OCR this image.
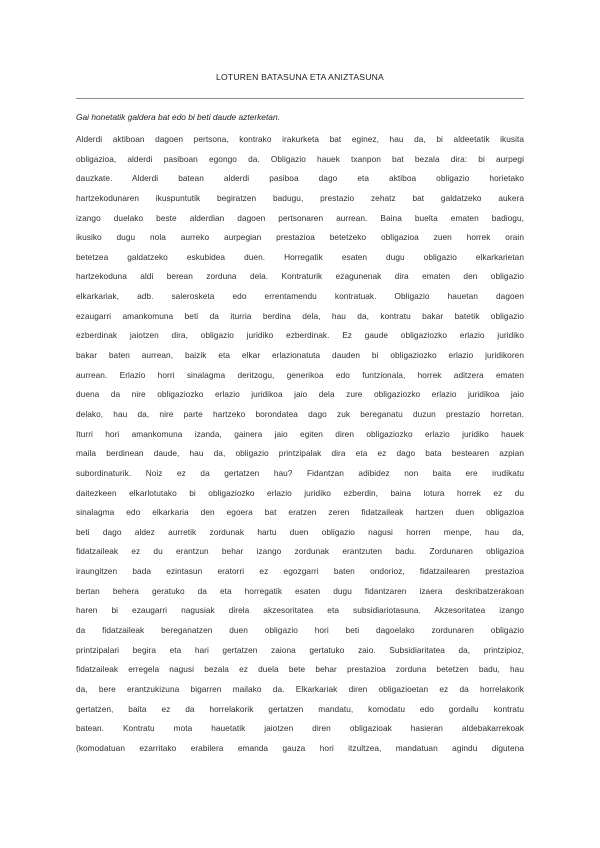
LOTUREN BATASUNA ETA ANIZTASUNA
Gai honetatik galdera bat edo bi beti daude azterketan.
Alderdi aktiboan dagoen pertsona, kontrako irakurketa bat eginez, hau da, bi aldeetatik ikusita
obligazioa, alderdi pasiboan egongo da. Obligazio hauek txanpon bat bezala dira: bi aurpegi
dauzkate. Alderdi batean alderdi pasiboa dago eta aktiboa obligazio horietako
hartzekodunaren ikuspuntutik begiratzen badugu, prestazio zehatz bat galdatzeko aukera
izango duelako beste alderdian dagoen pertsonaren aurrean. Baina buelta ematen badiogu,
ikusiko dugu nola aurreko aurpegian prestazioa betetzeko obligazioa zuen horrek orain
betetzea galdatzeko eskubidea duen. Horregatik esaten dugu obligazio elkarkarietan
hartzekoduna aldi berean zorduna dela. Kontraturik ezagunenak dira ematen den obligazio
elkarkariak, adb. salerosketa edo errentamendu kontratuak. Obligazio hauetan dagoen
ezaugarri amankomuna beti da iturria berdina dela, hau da, kontratu bakar batetik obligazio
ezberdinak jaiotzen dira, obligazio juridiko ezberdinak. Ez gaude obligaziozko erlazio juridiko
bakar baten aurrean, baizik eta elkar erlazionatuta dauden bi obligaziozko erlazio juridikoren
aurrean. Erlazio horri sinalagma deritzogu, generikoa edo funtzionala, horrek aditzera ematen
duena da nire obligaziozko erlazio juridikoa jaio dela zure obligaziozko erlazio juridikoa jaio
delako, hau da, nire parte hartzeko borondatea dago zuk bereganatu duzun prestazio horretan.
Iturri hori amankomuna izanda, gainera jaio egiten diren obligaziozko erlazio juridiko hauek
maila berdinean daude, hau da, obligazio printzipalak dira eta ez dago bata bestearen azpian
subordinaturik. Noiz ez da gertatzen hau? Fidantzan adibidez non baita ere irudikatu
daitezkeen elkarlotutako bi obligaziozko erlazio juridiko ezberdin, baina lotura horrek ez du
sinalagma edo elkarkaria den egoera bat eratzen zeren fidatzaileak hartzen duen obligazioa
beti dago aldez aurretik zordunak hartu duen obligazio nagusi horren menpe, hau da,
fidatzaileak ez du erantzun behar izango zordunak erantzuten badu. Zordunaren obligazioa
iraungitzen bada ezintasun eratorri ez egozgarri baten ondorioz, fidatzailearen prestazioa
bertan behera geratuko da eta horregatik esaten dugu fidantzaren izaera deskribatzerakoan
haren bi ezaugarri nagusiak direla akzesoritatea eta subsidiariotasuna. Akzesoritatea izango
da fidatzaileak bereganatzen duen obligazio hori beti dagoelako zordunaren obligazio
printzipalari begira eta hari gertatzen zaiona gertatuko zaio. Subsidiaritatea da, printzipioz,
fidatzaileak erregela nagusi bezala ez duela bete behar prestazioa zorduna betetzen badu, hau
da, bere erantzukizuna bigarren mailako da. Elkarkariak diren obligazioetan ez da horrelakorik
gertatzen, baita ez da horrelakorik gertatzen mandatu, komodatu edo gordailu kontratu
batean. Kontratu mota hauetatik jaiotzen diren obligazioak hasieran aldebakarrekoak
(komodatuan ezarritako erabilera emanda gauza hori itzultzea, mandatuan agindu digutena
